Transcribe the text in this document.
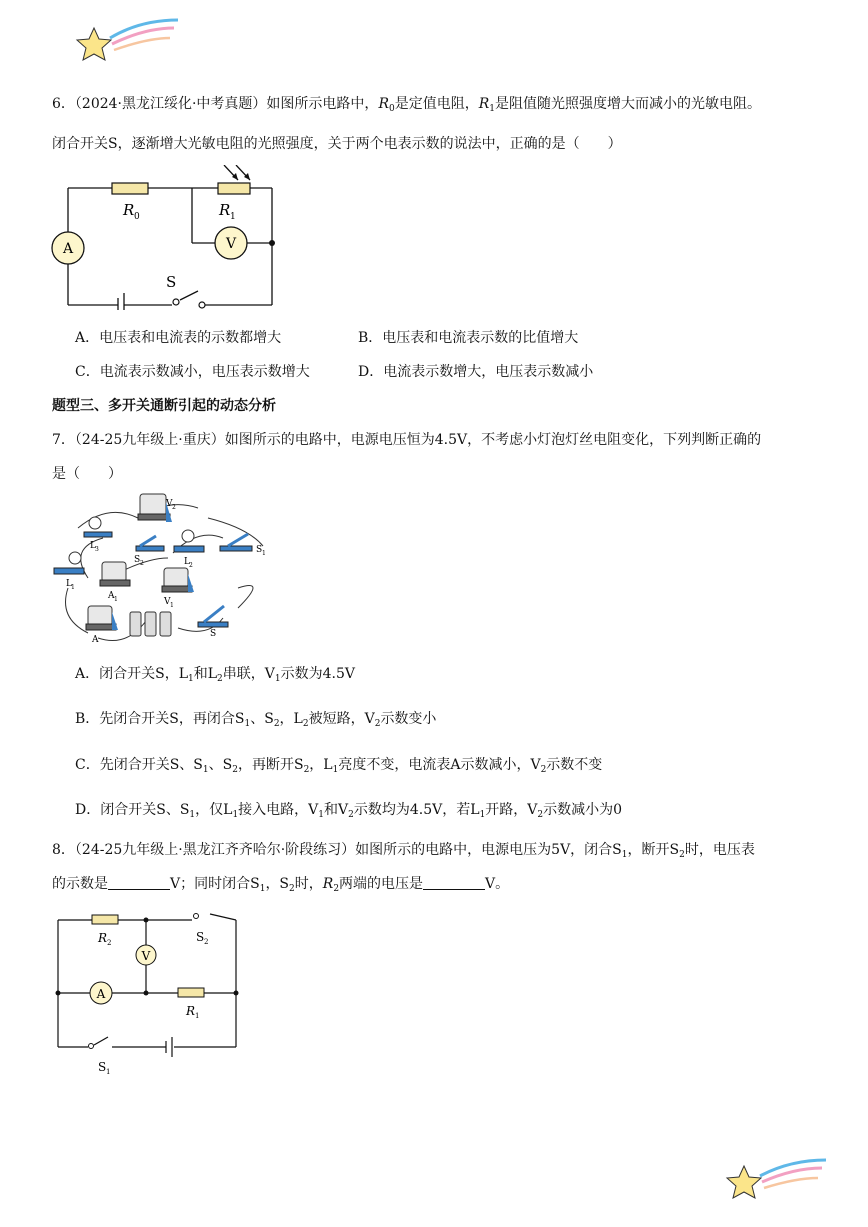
6．（2024·黑龙江绥化·中考真题）如图所示电路中，$R_0$是定值电阻，$R_1$是阻值随光照强度增大而减小的光敏电阻。
闭合开关S，逐渐增大光敏电阻的光照强度，关于两个电表示数的说法中，正确的是（　　）
A	V
R 0	R 1
S
A．电压表和电流表的示数都增大	B．电压表和电流表示数的比值增大
C．电流表示数减小，电压表示数增大	D．电流表示数增大，电压表示数减小
题型三、多开关通断引起的动态分析
7．（24-25九年级上·重庆）如图所示的电路中，电源电压恒为4.5V，不考虑小灯泡灯丝电阻变化，下列判断正确的
是（　　）
V 2
S 1
L 3
S 2	L 2
L 1
A 1	V 1
A
S
A．闭合开关S，$L_1$和$L_2$串联，$V_1$示数为4.5V
B．先闭合开关S，再闭合$S_1$、$S_2$，$L_2$被短路，$V_2$示数变小
C．先闭合开关S、$S_1$、$S_2$，再断开$S_2$，$L_1$亮度不变，电流表A示数减小，$V_2$示数不变
D．闭合开关S、$S_1$，仅$L_1$接入电路，$V_1$和$V_2$示数均为4.5V，若$L_1$开路，$V_2$示数减小为0
8．（24-25九年级上·黑龙江齐齐哈尔·阶段练习）如图所示的电路中，电源电压为5V，闭合$S_1$，断开$S_2$时，电压表
的示数是	V；同时闭合$S_1$，$S_2$时，$R_2$两端的电压是	V。
V
A
R 2	S 2
R 1
S 1
